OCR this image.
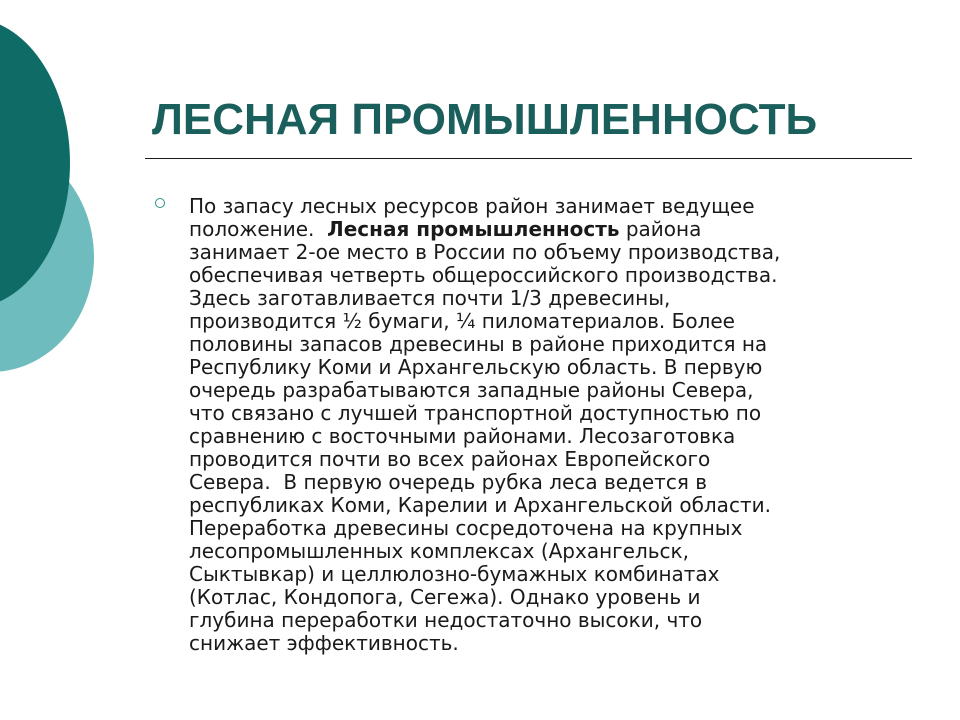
ЛЕСНАЯ ПРОМЫШЛЕННОСТЬ

По запасу лесных ресурсов район занимает ведущее
положение.  Лесная промышленность района
занимает 2-ое место в России по объему производства,
обеспечивая четверть общероссийского производства.
Здесь заготавливается почти 1/3 древесины,
производится ½ бумаги, ¼ пиломатериалов. Более
половины запасов древесины в районе приходится на
Республику Коми и Архангельскую область. В первую
очередь разрабатываются западные районы Севера,
что связано с лучшей транспортной доступностью по
сравнению с восточными районами. Лесозаготовка
проводится почти во всех районах Европейского
Севера.  В первую очередь рубка леса ведется в
республиках Коми, Карелии и Архангельской области.
Переработка древесины сосредоточена на крупных
лесопромышленных комплексах (Архангельск,
Сыктывкар) и целлюлозно-бумажных комбинатах
(Котлас, Кондопога, Сегежа). Однако уровень и
глубина переработки недостаточно высоки, что
снижает эффективность.
